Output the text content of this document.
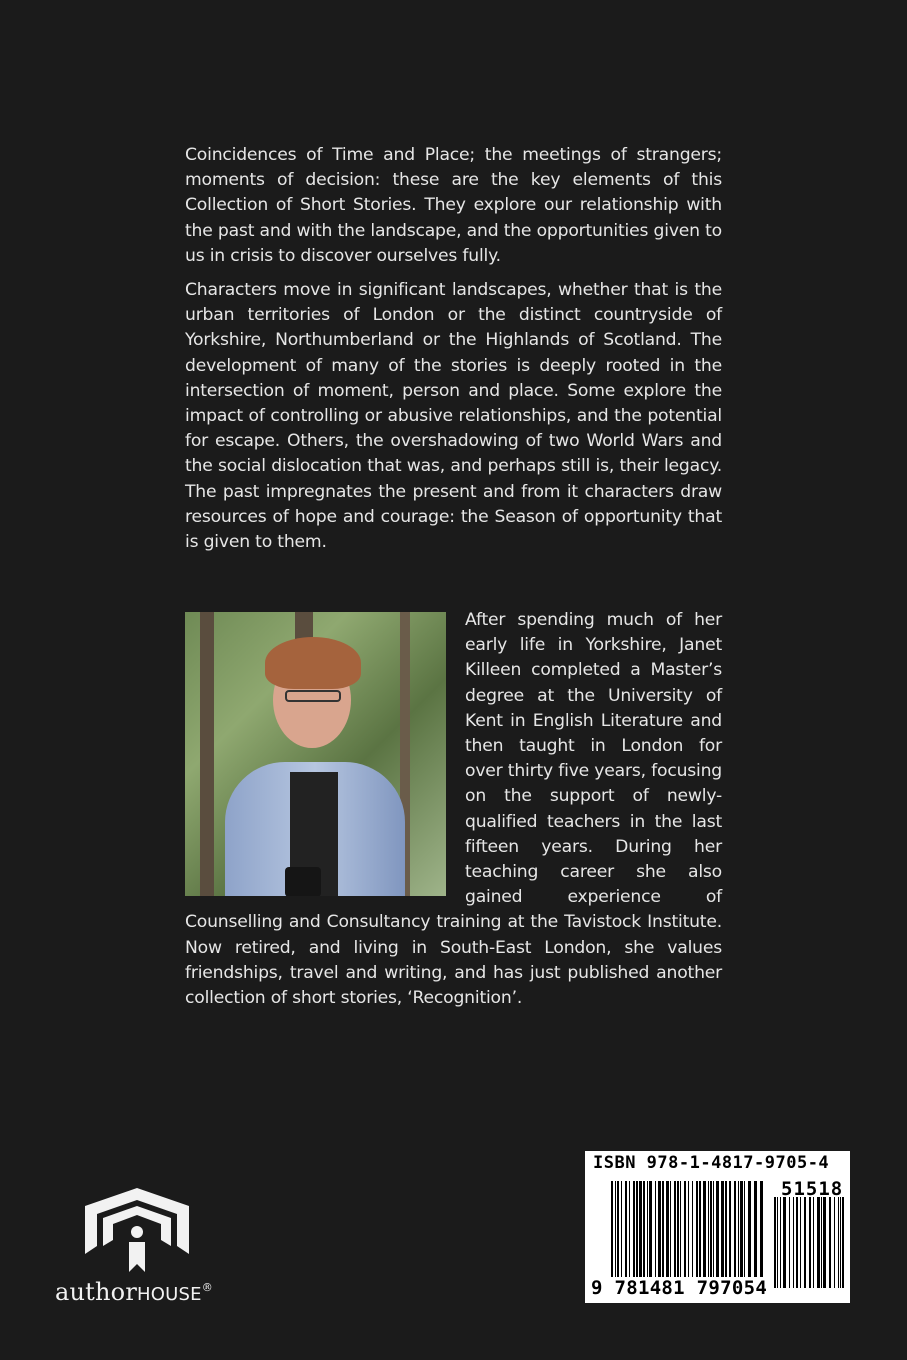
Coincidences of Time and Place; the meetings of strangers; moments of decision: these are the key elements of this Collection of Short Stories. They explore our relationship with the past and with the landscape, and the opportunities given to us in crisis to discover ourselves fully.

Characters move in significant landscapes, whether that is the urban territories of London or the distinct countryside of Yorkshire, Northumberland or the Highlands of Scotland. The development of many of the stories is deeply rooted in the intersection of moment, person and place. Some explore the impact of controlling or abusive relationships, and the potential for escape. Others, the overshadowing of two World Wars and the social dislocation that was, and perhaps still is, their legacy. The past impregnates the present and from it characters draw resources of hope and courage: the Season of opportunity that is given to them.

After spending much of her early life in Yorkshire, Janet Killeen completed a Master’s degree at the University of Kent in English Literature and then taught in London for over thirty five years, focusing on the support of newly-qualified teachers in the last fifteen years. During her teaching career she also gained experience of Counselling and Consultancy training at the Tavistock Institute. Now retired, and living in South-East London, she values friendships, travel and writing, and has just published another collection of short stories, ‘Recognition’.
authorHOUSE®
ISBN 978-1-4817-9705-4
51518
9 781481 797054
